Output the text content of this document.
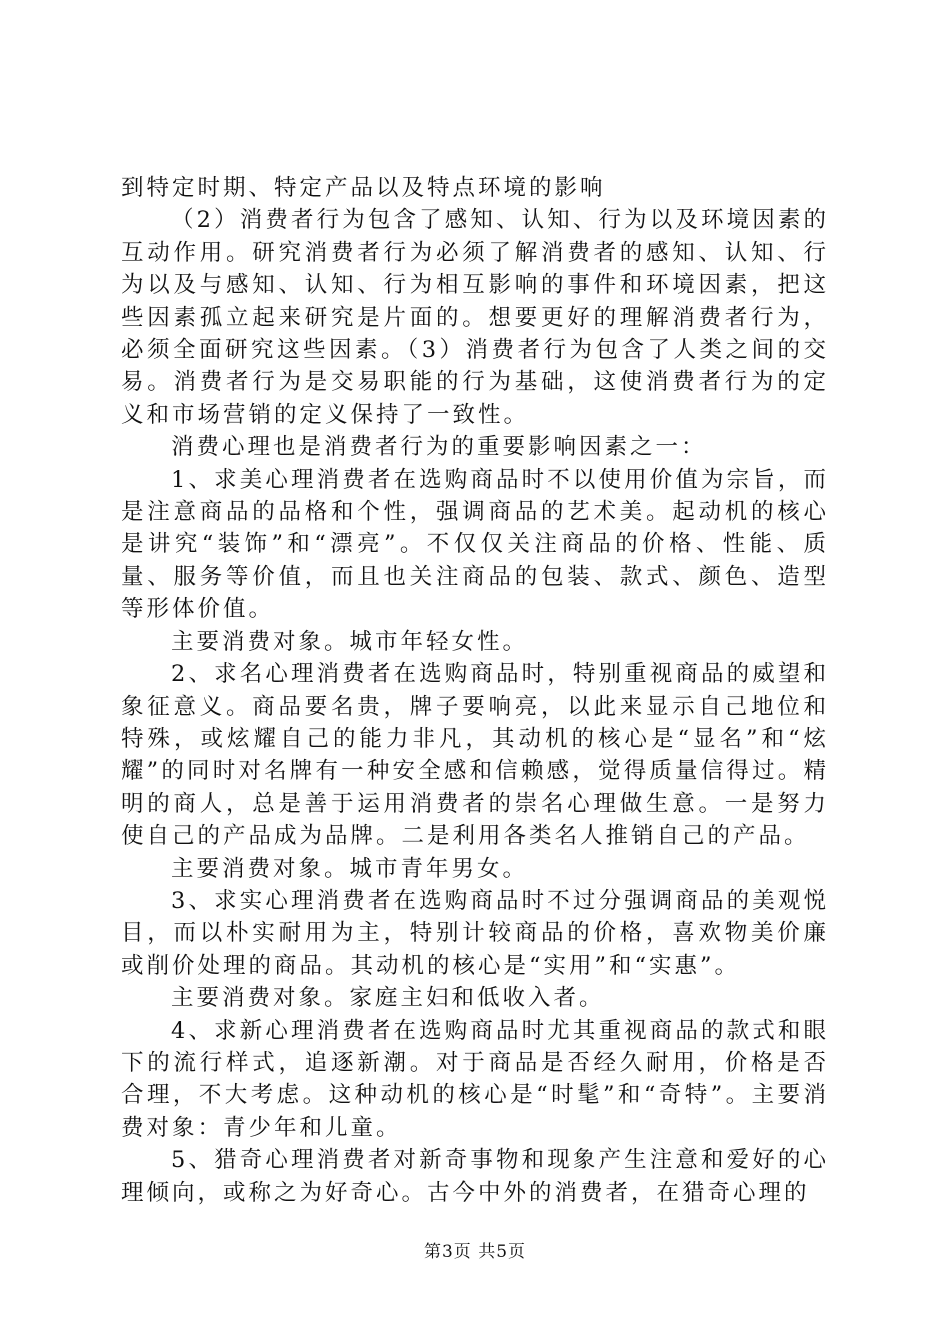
到特定时期、特定产品以及特点环境的影响

（2）消费者行为包含了感知、认知、行为以及环境因素的互动作用。研究消费者行为必须了解消费者的感知、认知、行为以及与感知、认知、行为相互影响的事件和环境因素，把这些因素孤立起来研究是片面的。想要更好的理解消费者行为，必须全面研究这些因素。（3）消费者行为包含了人类之间的交易。消费者行为是交易职能的行为基础，这使消费者行为的定义和市场营销的定义保持了一致性。

消费心理也是消费者行为的重要影响因素之一：

1、求美心理消费者在选购商品时不以使用价值为宗旨，而是注意商品的品格和个性，强调商品的艺术美。起动机的核心是讲究“装饰”和“漂亮”。不仅仅关注商品的价格、性能、质量、服务等价值，而且也关注商品的包装、款式、颜色、造型等形体价值。

主要消费对象。城市年轻女性。

2、求名心理消费者在选购商品时，特别重视商品的威望和象征意义。商品要名贵，牌子要响亮，以此来显示自己地位和特殊，或炫耀自己的能力非凡，其动机的核心是“显名”和“炫耀”的同时对名牌有一种安全感和信赖感，觉得质量信得过。精明的商人，总是善于运用消费者的崇名心理做生意。一是努力使自己的产品成为品牌。二是利用各类名人推销自己的产品。

主要消费对象。城市青年男女。

3、求实心理消费者在选购商品时不过分强调商品的美观悦目，而以朴实耐用为主，特别计较商品的价格，喜欢物美价廉或削价处理的商品。其动机的核心是“实用”和“实惠”。

主要消费对象。家庭主妇和低收入者。

4、求新心理消费者在选购商品时尤其重视商品的款式和眼下的流行样式，追逐新潮。对于商品是否经久耐用，价格是否合理，不大考虑。这种动机的核心是“时髦”和“奇特”。主要消费对象：青少年和儿童。

5、猎奇心理消费者对新奇事物和现象产生注意和爱好的心理倾向，或称之为好奇心。古今中外的消费者，在猎奇心理的

第3页 共5页
